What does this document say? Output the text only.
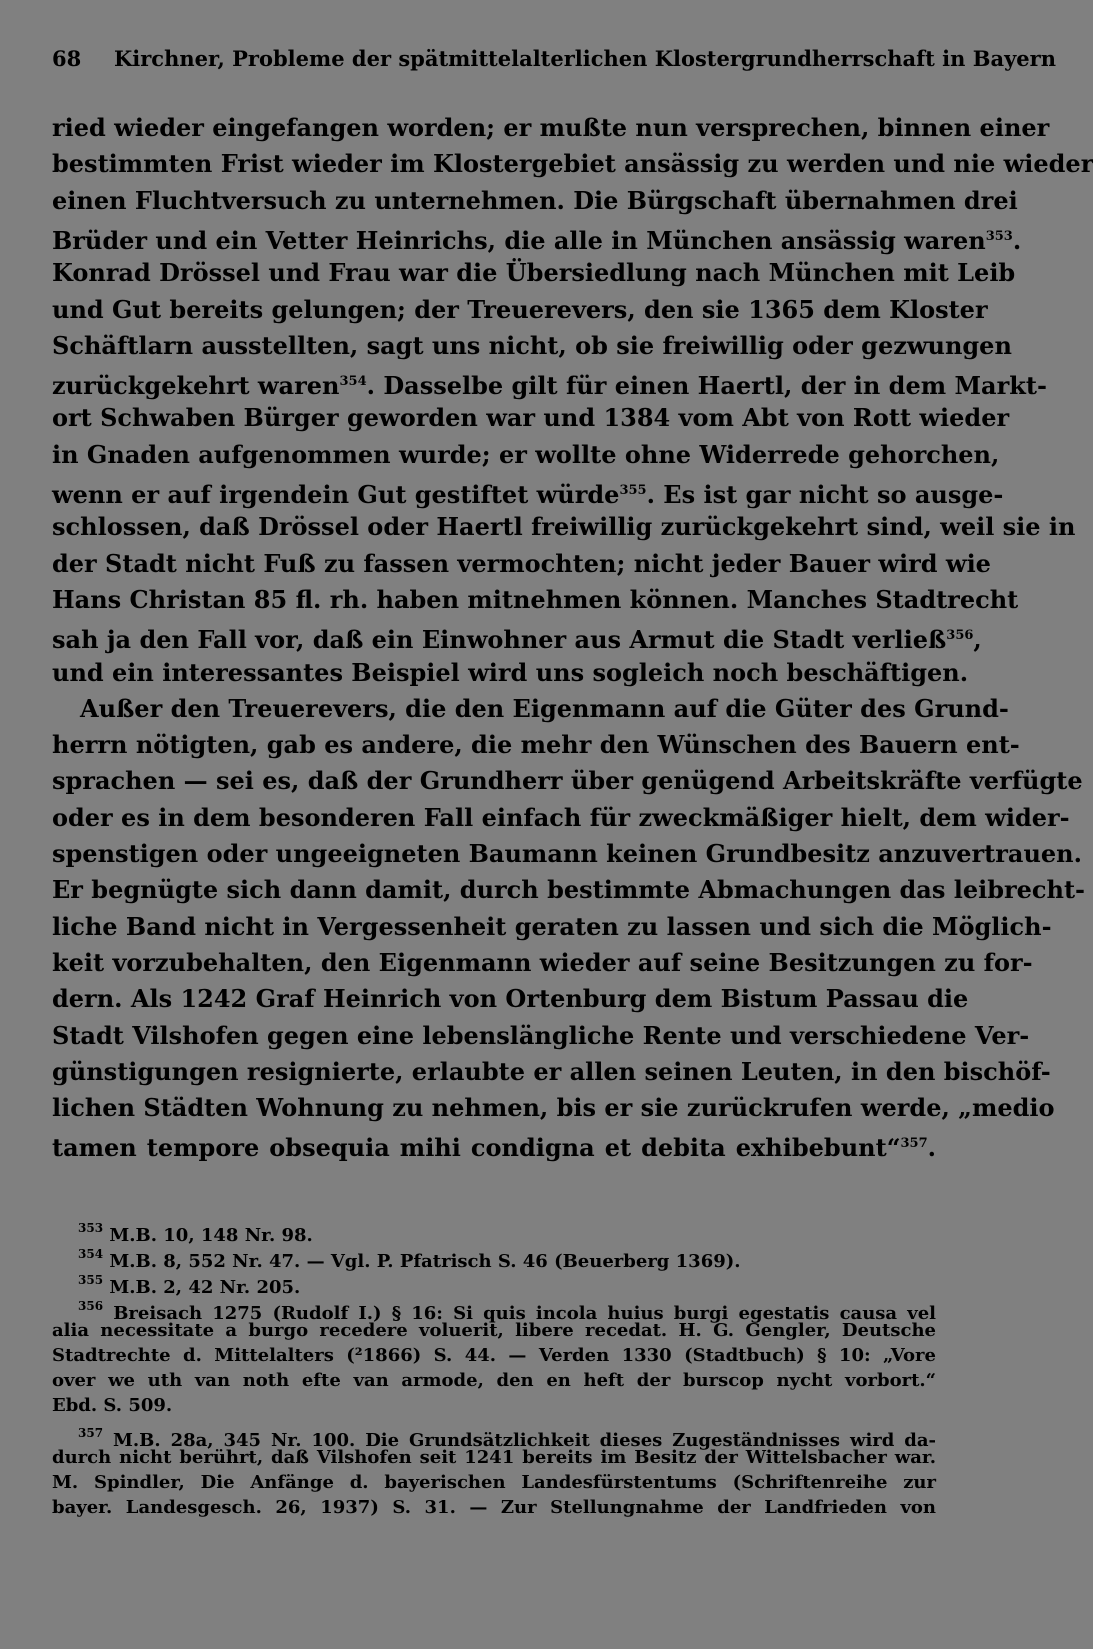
68 Kirchner, Probleme der spätmittelalterlichen Klostergrundherrschaft in Bayern
ried wieder eingefangen worden; er mußte nun versprechen, binnen einer
bestimmten Frist wieder im Klostergebiet ansässig zu werden und nie wieder
einen Fluchtversuch zu unternehmen. Die Bürgschaft übernahmen drei
Brüder und ein Vetter Heinrichs, die alle in München ansässig waren$^{353}$.
Konrad Drössel und Frau war die Übersiedlung nach München mit Leib
und Gut bereits gelungen; der Treuerevers, den sie 1365 dem Kloster
Schäftlarn ausstellten, sagt uns nicht, ob sie freiwillig oder gezwungen
zurückgekehrt waren$^{354}$. Dasselbe gilt für einen Haertl, der in dem Markt-
ort Schwaben Bürger geworden war und 1384 vom Abt von Rott wieder
in Gnaden aufgenommen wurde; er wollte ohne Widerrede gehorchen,
wenn er auf irgendein Gut gestiftet würde$^{355}$. Es ist gar nicht so ausge-
schlossen, daß Drössel oder Haertl freiwillig zurückgekehrt sind, weil sie in
der Stadt nicht Fuß zu fassen vermochten; nicht jeder Bauer wird wie
Hans Christan 85 fl. rh. haben mitnehmen können. Manches Stadtrecht
sah ja den Fall vor, daß ein Einwohner aus Armut die Stadt verließ$^{356}$,
und ein interessantes Beispiel wird uns sogleich noch beschäftigen.
Außer den Treuerevers, die den Eigenmann auf die Güter des Grund-
herrn nötigten, gab es andere, die mehr den Wünschen des Bauern ent-
sprachen — sei es, daß der Grundherr über genügend Arbeitskräfte verfügte
oder es in dem besonderen Fall einfach für zweckmäßiger hielt, dem wider-
spenstigen oder ungeeigneten Baumann keinen Grundbesitz anzuvertrauen.
Er begnügte sich dann damit, durch bestimmte Abmachungen das leibrecht-
liche Band nicht in Vergessenheit geraten zu lassen und sich die Möglich-
keit vorzubehalten, den Eigenmann wieder auf seine Besitzungen zu for-
dern. Als 1242 Graf Heinrich von Ortenburg dem Bistum Passau die
Stadt Vilshofen gegen eine lebenslängliche Rente und verschiedene Ver-
günstigungen resignierte, erlaubte er allen seinen Leuten, in den bischöf-
lichen Städten Wohnung zu nehmen, bis er sie zurückrufen werde, „medio
tamen tempore obsequia mihi condigna et debita exhibebunt“$^{357}$.
$^{353}$ M.B. 10, 148 Nr. 98.
$^{354}$ M.B. 8, 552 Nr. 47. — Vgl. P. Pfatrisch S. 46 (Beuerberg 1369).
$^{355}$ M.B. 2, 42 Nr. 205.
$^{356}$ Breisach 1275 (Rudolf I.) § 16: Si quis incola huius burgi egestatis causa vel
alia necessitate a burgo recedere voluerit, libere recedat. H. G. Gengler, Deutsche
Stadtrechte d. Mittelalters (²1866) S. 44. — Verden 1330 (Stadtbuch) § 10: „Vore
over we uth van noth efte van armode, den en heft der burscop nycht vorbort.“
Ebd. S. 509.
$^{357}$ M.B. 28a, 345 Nr. 100. Die Grundsätzlichkeit dieses Zugeständnisses wird da-
durch nicht berührt, daß Vilshofen seit 1241 bereits im Besitz der Wittelsbacher war.
M. Spindler, Die Anfänge d. bayerischen Landesfürstentums (Schriftenreihe zur
bayer. Landesgesch. 26, 1937) S. 31. — Zur Stellungnahme der Landfrieden von
